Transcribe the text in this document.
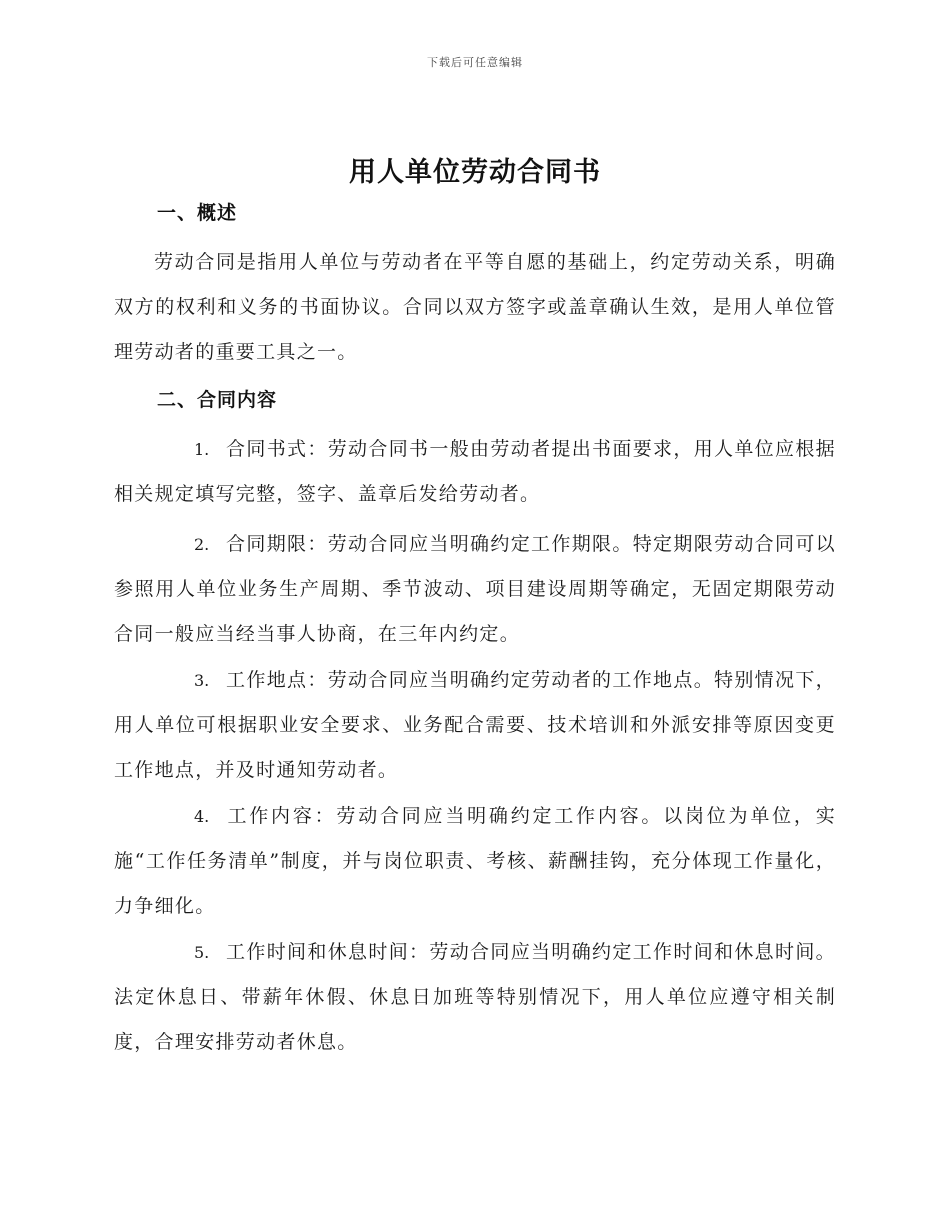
下载后可任意编辑
用人单位劳动合同书
一、概述

劳动合同是指用人单位与劳动者在平等自愿的基础上，约定劳动关系，明确双方的权利和义务的书面协议。合同以双方签字或盖章确认生效，是用人单位管理劳动者的重要工具之一。

二、合同内容

1. 合同书式：劳动合同书一般由劳动者提出书面要求，用人单位应根据相关规定填写完整，签字、盖章后发给劳动者。

2. 合同期限：劳动合同应当明确约定工作期限。特定期限劳动合同可以参照用人单位业务生产周期、季节波动、项目建设周期等确定，无固定期限劳动合同一般应当经当事人协商，在三年内约定。

3. 工作地点：劳动合同应当明确约定劳动者的工作地点。特别情况下，用人单位可根据职业安全要求、业务配合需要、技术培训和外派安排等原因变更工作地点，并及时通知劳动者。

4. 工作内容：劳动合同应当明确约定工作内容。以岗位为单位，实施“工作任务清单”制度，并与岗位职责、考核、薪酬挂钩，充分体现工作量化，力争细化。

5. 工作时间和休息时间：劳动合同应当明确约定工作时间和休息时间。法定休息日、带薪年休假、休息日加班等特别情况下，用人单位应遵守相关制度，合理安排劳动者休息。
